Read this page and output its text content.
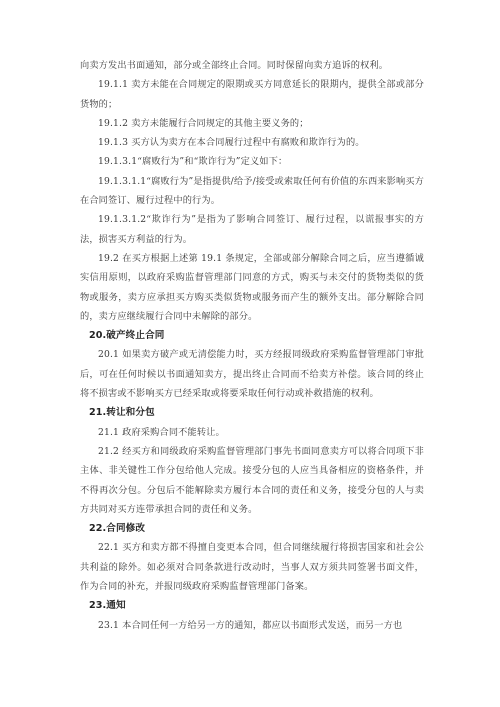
向卖方发出书面通知，部分或全部终止合同。同时保留向卖方追诉的权利。

19.1.1 卖方未能在合同规定的限期或买方同意延长的限期内，提供全部或部分货物的；

19.1.2 卖方未能履行合同规定的其他主要义务的；

19.1.3 买方认为卖方在本合同履行过程中有腐败和欺诈行为的。

19.1.3.1“腐败行为”和“欺诈行为”定义如下：

19.1.3.1.1“腐败行为”是指提供/给予/接受或索取任何有价值的东西来影响买方在合同签订、履行过程中的行为。

19.1.3.1.2“欺诈行为”是指为了影响合同签订、履行过程，以谎报事实的方法，损害买方利益的行为。

19.2 在买方根据上述第 19.1 条规定，全部或部分解除合同之后，应当遵循诚实信用原则，以政府采购监督管理部门同意的方式，购买与未交付的货物类似的货物或服务，卖方应承担买方购买类似货物或服务而产生的额外支出。部分解除合同的，卖方应继续履行合同中未解除的部分。

20.破产终止合同

20.1 如果卖方破产或无清偿能力时，买方经报同级政府采购监督管理部门审批后，可在任何时候以书面通知卖方，提出终止合同而不给卖方补偿。该合同的终止将不损害或不影响买方已经采取或将要采取任何行动或补救措施的权利。

21.转让和分包

21.1 政府采购合同不能转让。

21.2 经买方和同级政府采购监督管理部门事先书面同意卖方可以将合同项下非主体、非关键性工作分包给他人完成。接受分包的人应当具备相应的资格条件，并不得再次分包。分包后不能解除卖方履行本合同的责任和义务，接受分包的人与卖方共同对买方连带承担合同的责任和义务。

22.合同修改

22.1 买方和卖方都不得擅自变更本合同，但合同继续履行将损害国家和社会公共利益的除外。如必须对合同条款进行改动时，当事人双方须共同签署书面文件，作为合同的补充，并报同级政府采购监督管理部门备案。

23.通知

23.1 本合同任何一方给另一方的通知，都应以书面形式发送，而另一方也
